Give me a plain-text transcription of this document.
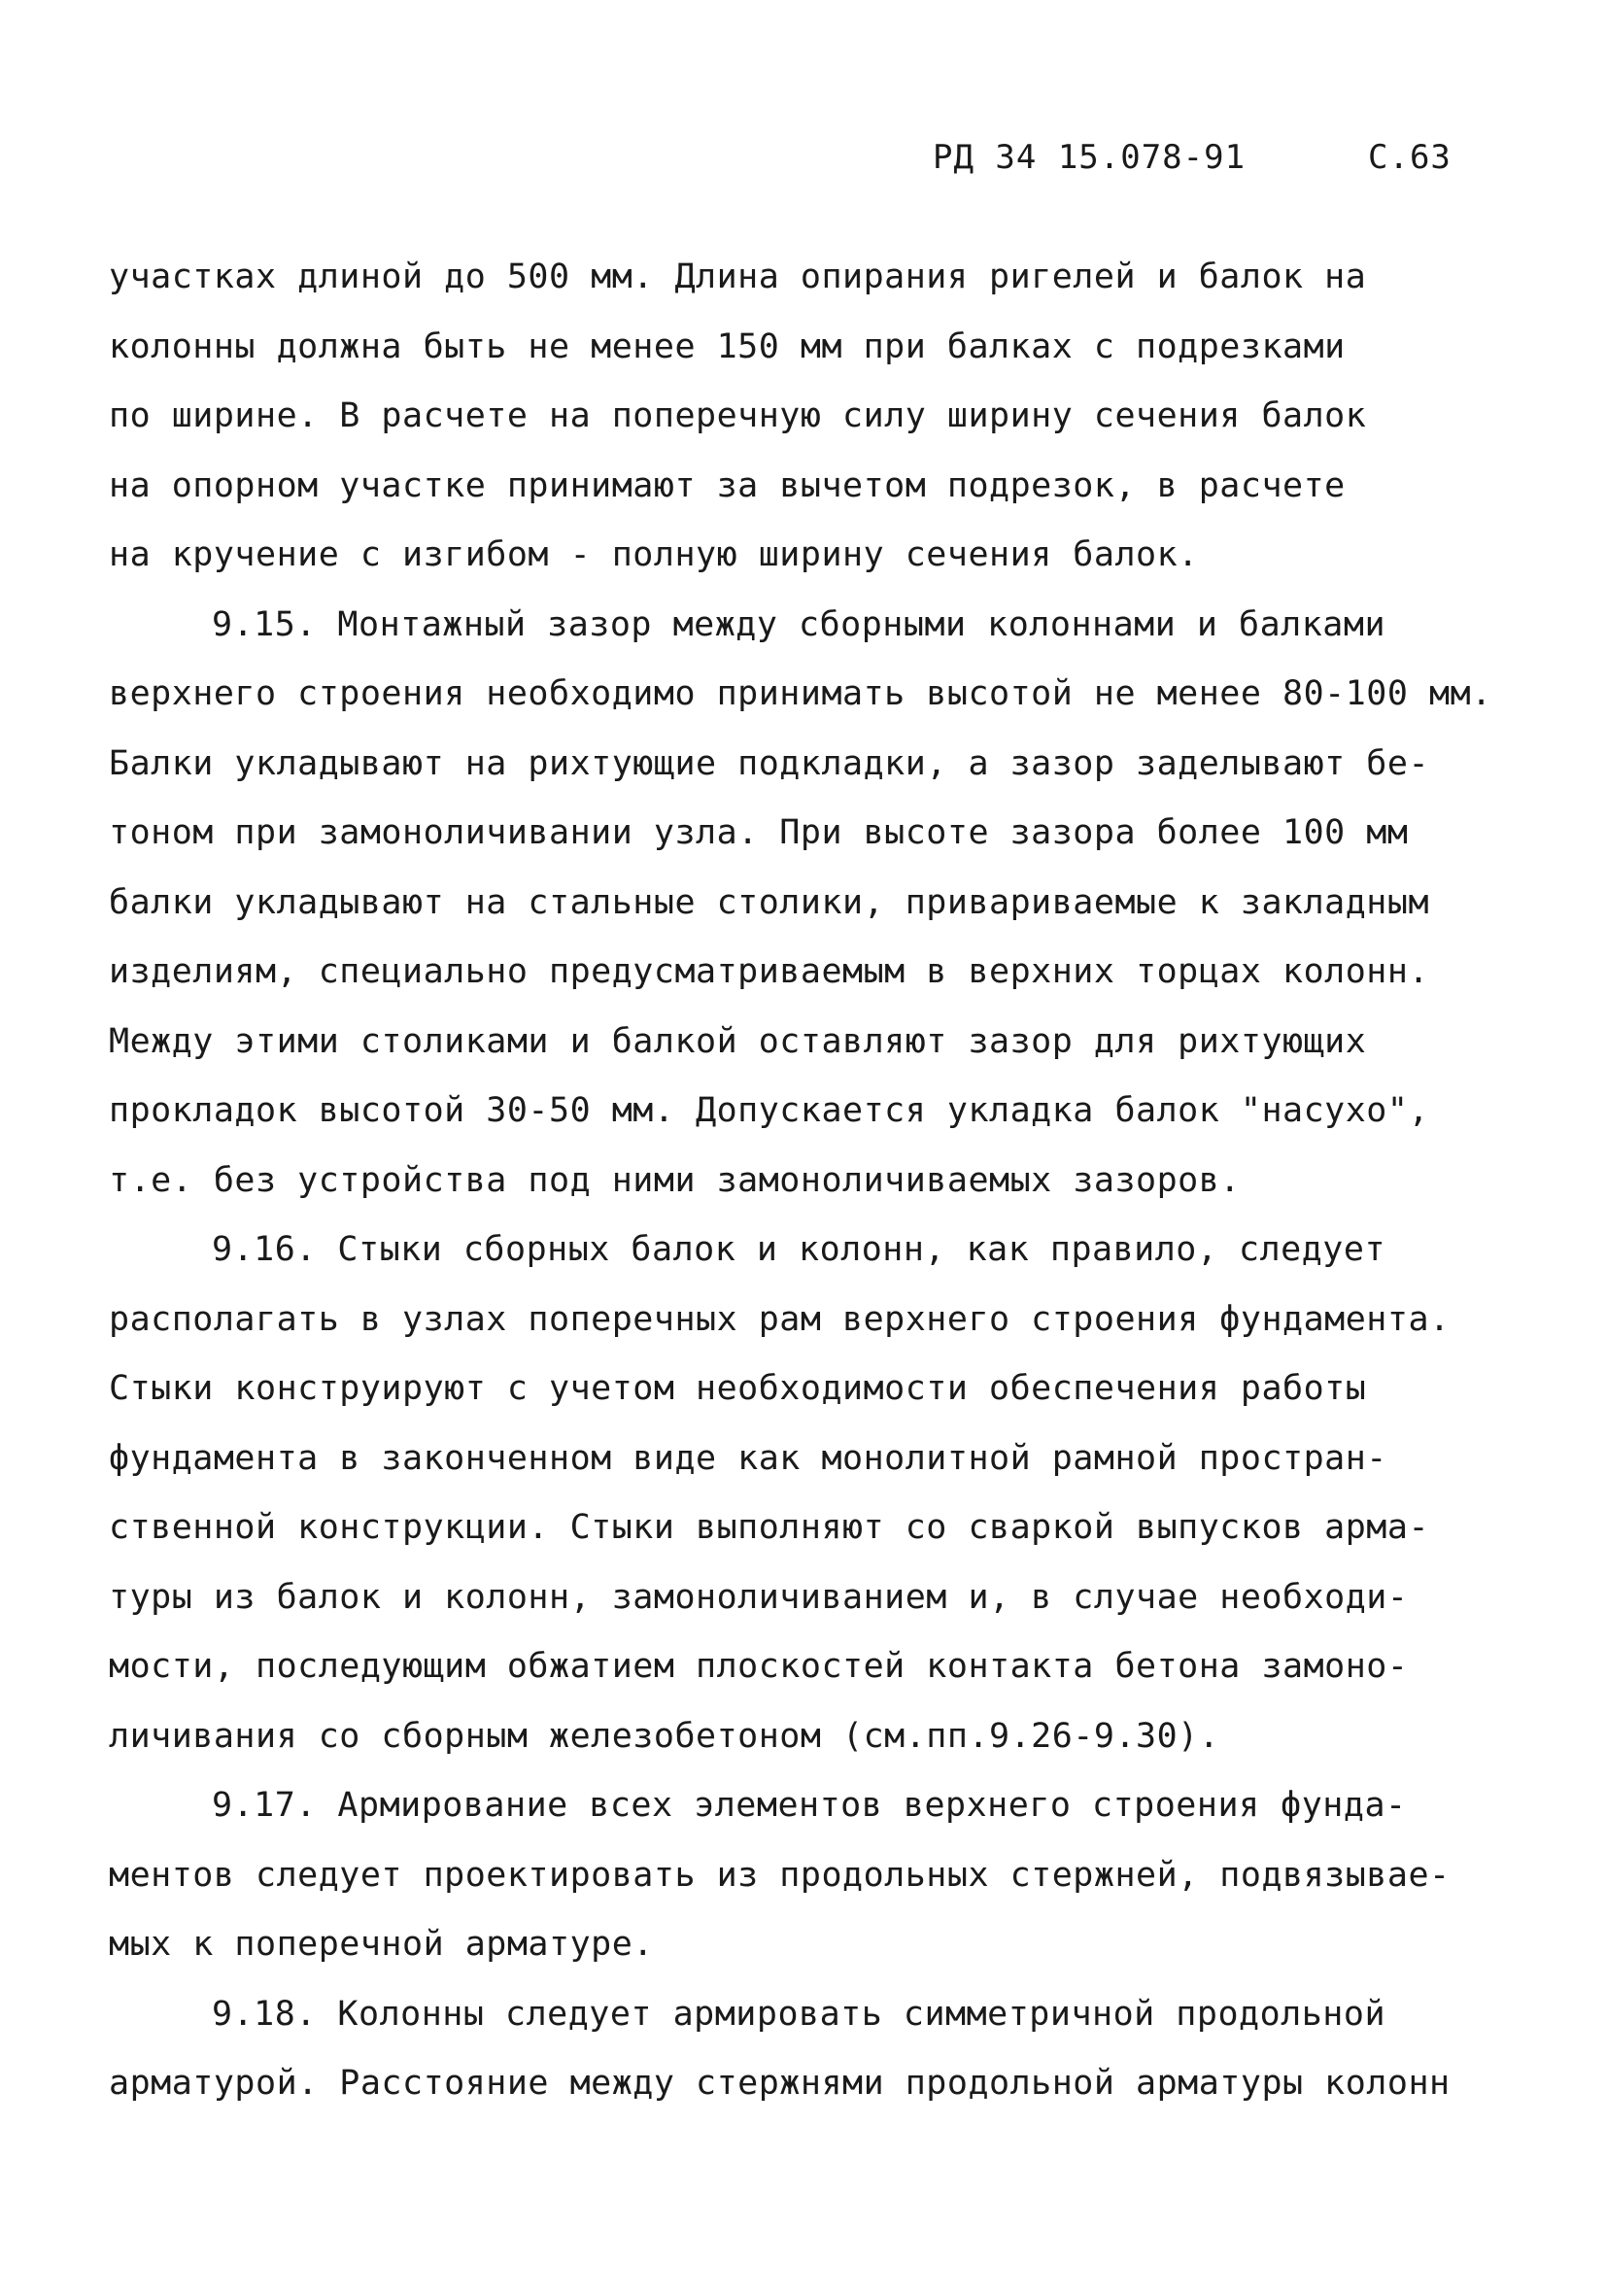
РД 34 15.078-91	С.63
участках длиной до 500 мм. Длина опирания ригелей и балок на
колонны должна быть не менее 150 мм при балках с подрезками
по ширине. В расчете на поперечную силу ширину сечения балок
на опорном участке принимают за вычетом подрезок, в расчете
на кручение с изгибом - полную ширину сечения балок.
9.15. Монтажный зазор между сборными колоннами и балками
верхнего строения необходимо принимать высотой не менее 80-100 мм.
Балки укладывают на рихтующие подкладки, а зазор заделывают бе-
тоном при замоноличивании узла. При высоте зазора более 100 мм
балки укладывают на стальные столики, привариваемые к закладным
изделиям, специально предусматриваемым в верхних торцах колонн.
Между этими столиками и балкой оставляют зазор для рихтующих
прокладок высотой 30-50 мм. Допускается укладка балок "насухо",
т.е. без устройства под ними замоноличиваемых зазоров.
9.16. Стыки сборных балок и колонн, как правило, следует
располагать в узлах поперечных рам верхнего строения фундамента.
Стыки конструируют с учетом необходимости обеспечения работы
фундамента в законченном виде как монолитной рамной простран-
ственной конструкции. Стыки выполняют со сваркой выпусков арма-
туры из балок и колонн, замоноличиванием и, в случае необходи-
мости, последующим обжатием плоскостей контакта бетона замоно-
личивания со сборным железобетоном (см.пп.9.26-9.30).
9.17. Армирование всех элементов верхнего строения фунда-
ментов следует проектировать из продольных стержней, подвязывае-
мых к поперечной арматуре.
9.18. Колонны следует армировать симметричной продольной
арматурой. Расстояние между стержнями продольной арматуры колонн
